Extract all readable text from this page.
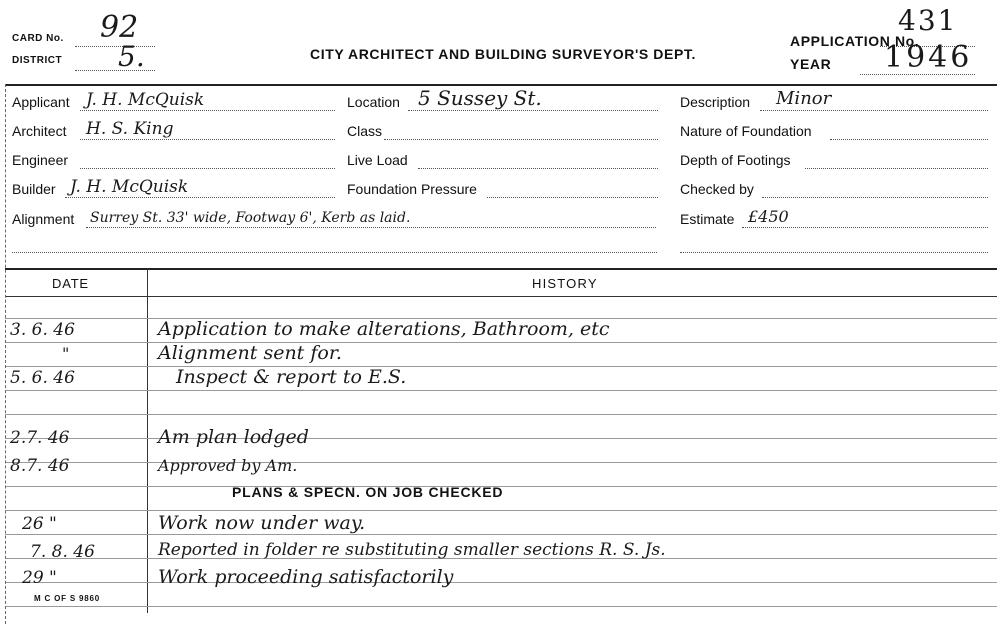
CARD No. 92
DISTRICT 5.	CITY ARCHITECT AND BUILDING SURVEYOR'S DEPT.
APPLICATION No.
431
YEAR 1946
Applicant J. H. McQuisk
Architect H. S. King
Engineer
Builder J. H. McQuisk
Alignment Surrey St. 33' wide, Footway 6', Kerb as laid.
Location 5 Sussey St.
Class
Live Load
Foundation Pressure
Description Minor
Nature of Foundation
Depth of Footings
Checked by
Estimate £450
DATE	HISTORY
3. 6. 46	Application to make alterations, Bathroom, etc
"	Alignment sent for.
5. 6. 46	Inspect & report to E.S.
2.7. 46	Am plan lodged
8.7. 46	Approved by Am.
PLANS & SPECN. ON JOB CHECKED
26 "	Work now under way.
7. 8. 46	Reported in folder re substituting smaller sections R. S. Js.
29 "	Work proceeding satisfactorily
M C OF S 9860
